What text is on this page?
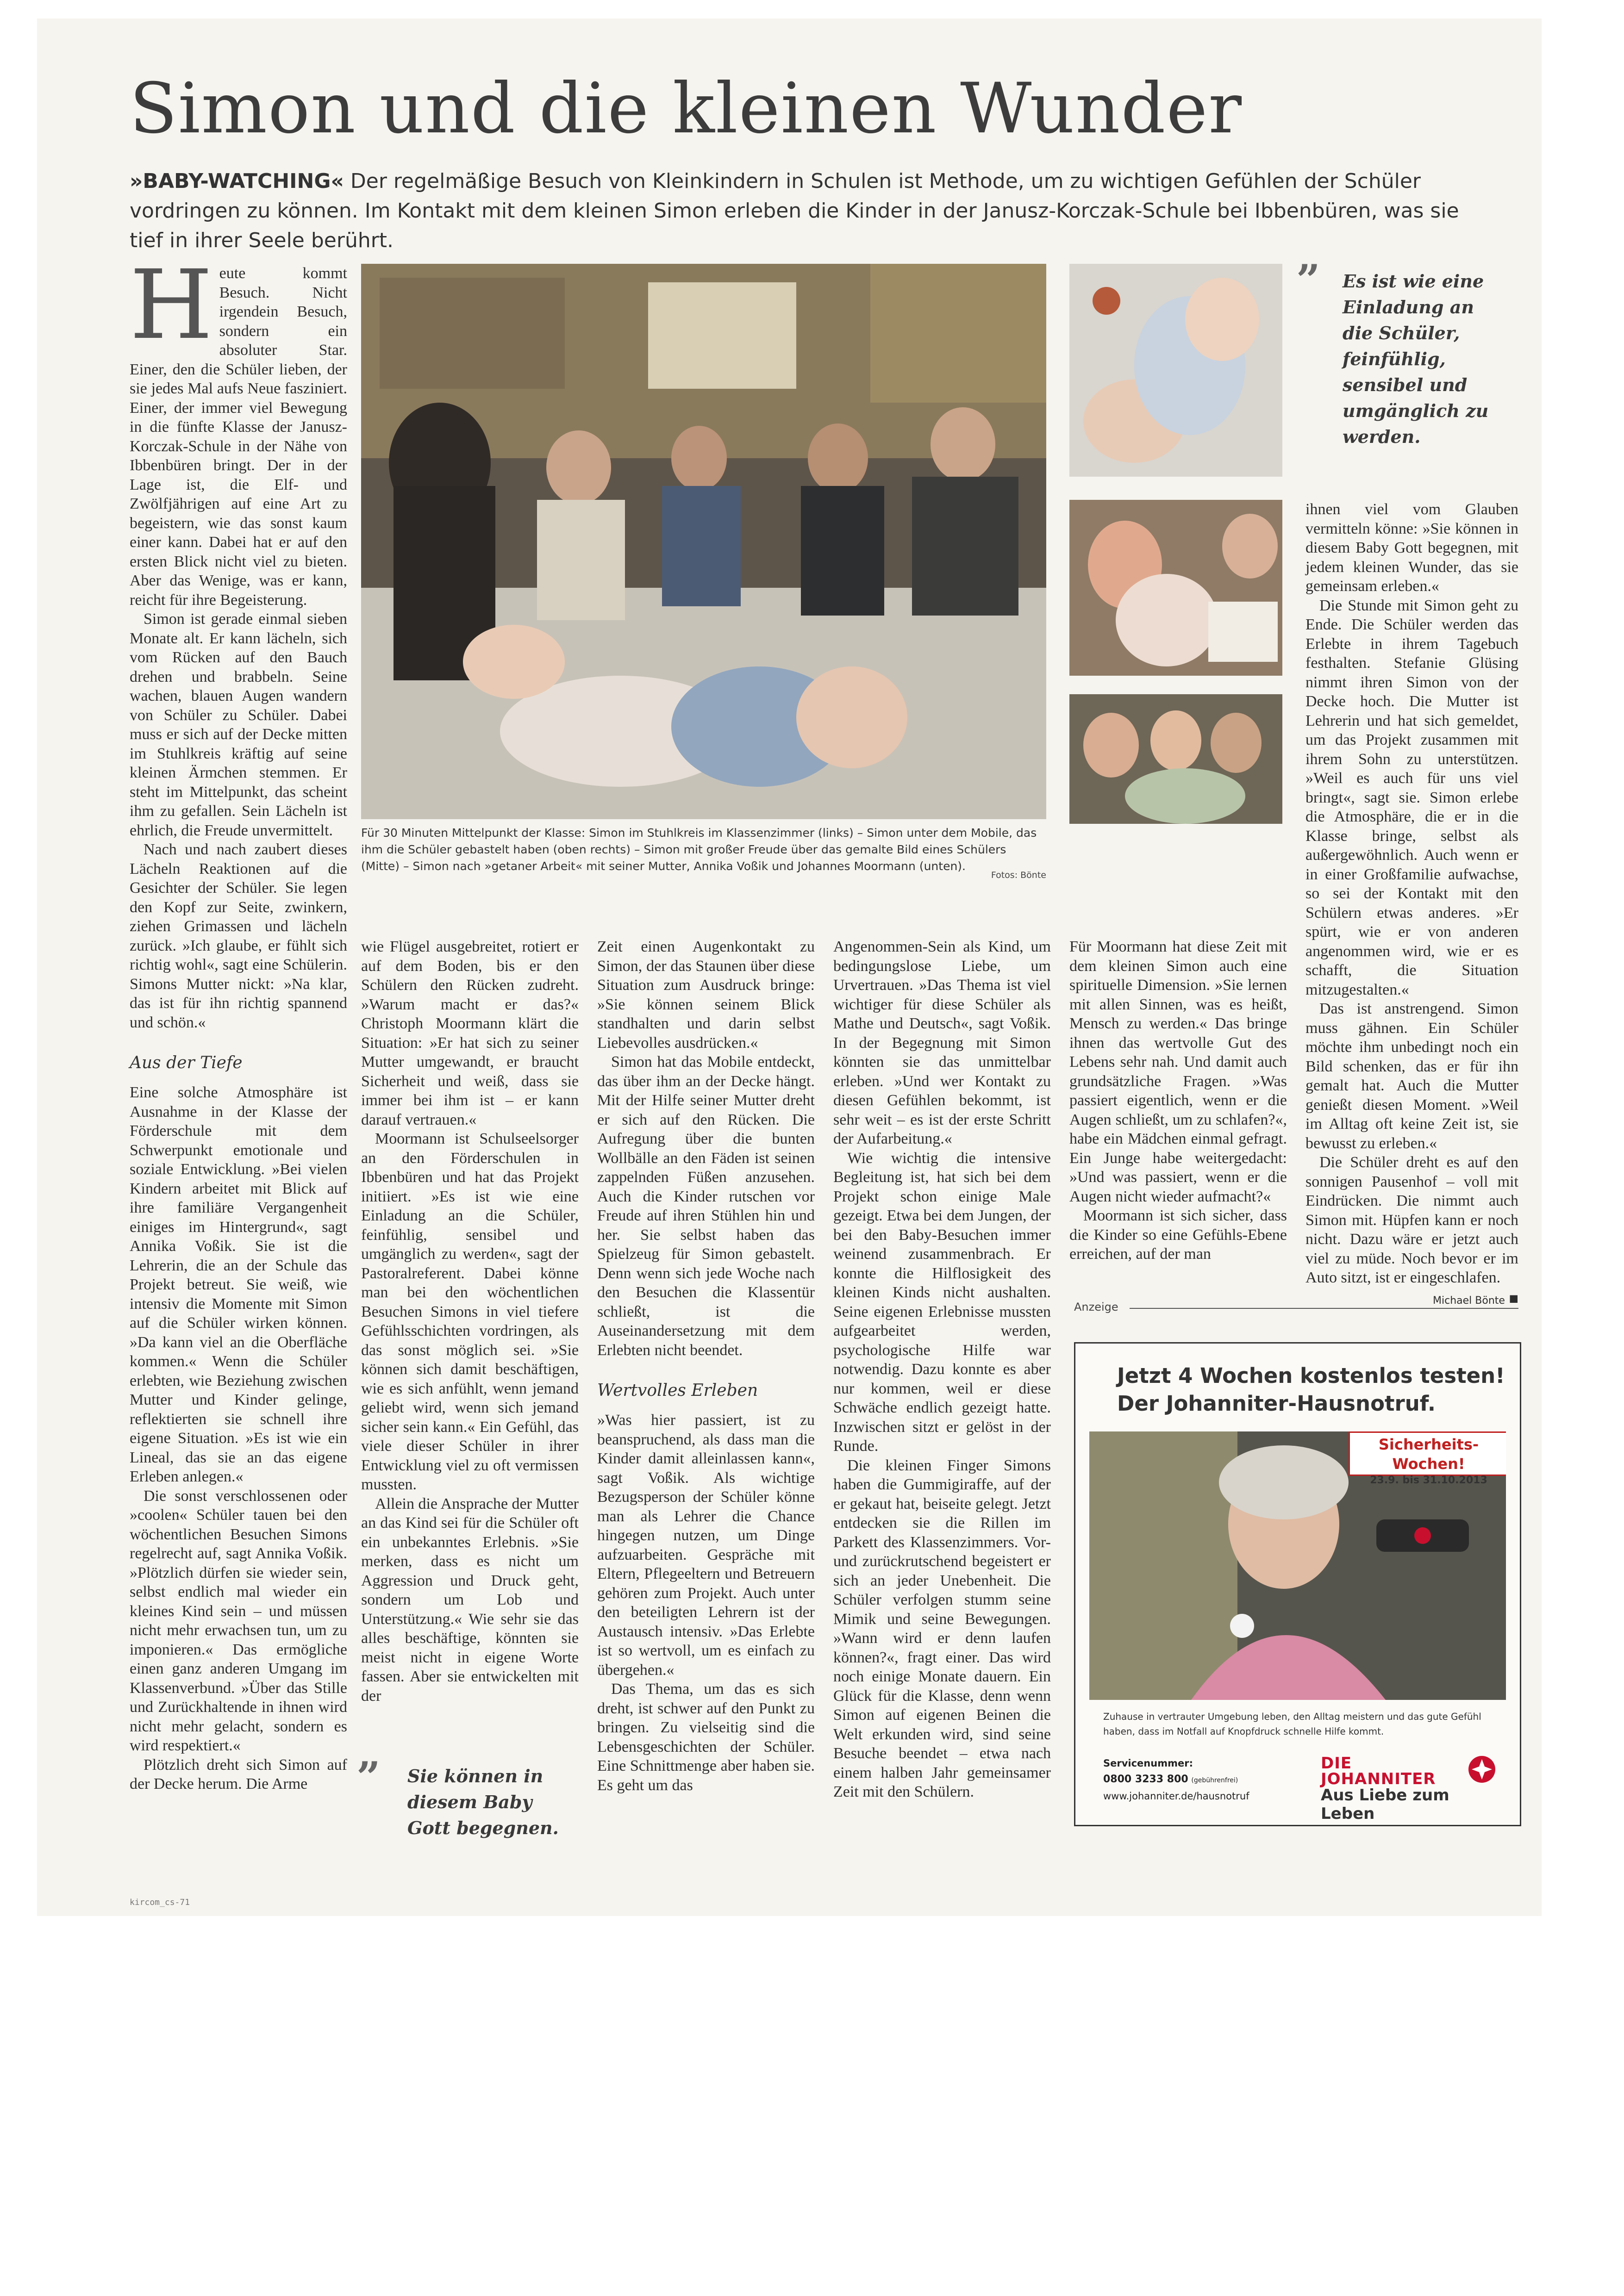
Simon und die kleinen Wunder
»BABY-WATCHING« Der regelmäßige Besuch von Kleinkindern in Schulen ist Methode, um zu wichtigen Gefühlen der Schüler vordringen zu können. Im Kontakt mit dem kleinen Simon erleben die Kinder in der Janusz-Korczak-Schule bei Ibbenbüren, was sie tief in ihrer Seele berührt.

Heute kommt Besuch. Nicht irgendein Besuch, sondern ein absoluter Star. Einer, den die Schüler lieben, der sie jedes Mal aufs Neue fasziniert. Einer, der immer viel Bewegung in die fünfte Klasse der Janusz-Korczak-Schule in der Nähe von Ibbenbüren bringt. Der in der Lage ist, die Elf- und Zwölfjährigen auf eine Art zu begeistern, wie das sonst kaum einer kann. Dabei hat er auf den ersten Blick nicht viel zu bieten. Aber das Wenige, was er kann, reicht für ihre Begeisterung.

Simon ist gerade einmal sieben Monate alt. Er kann lächeln, sich vom Rücken auf den Bauch drehen und brabbeln. Seine wachen, blauen Augen wandern von Schüler zu Schüler. Dabei muss er sich auf der Decke mitten im Stuhlkreis kräftig auf seine kleinen Ärmchen stemmen. Er steht im Mittelpunkt, das scheint ihm zu gefallen. Sein Lächeln ist ehrlich, die Freude unvermittelt.

Nach und nach zaubert dieses Lächeln Reaktionen auf die Gesichter der Schüler. Sie legen den Kopf zur Seite, zwinkern, ziehen Grimassen und lächeln zurück. »Ich glaube, er fühlt sich richtig wohl«, sagt eine Schülerin. Simons Mutter nickt: »Na klar, das ist für ihn richtig spannend und schön.«

Aus der Tiefe

Eine solche Atmosphäre ist Ausnahme in der Klasse der Förderschule mit dem Schwerpunkt emotionale und soziale Entwicklung. »Bei vielen Kindern arbeitet mit Blick auf ihre familiäre Vergangenheit einiges im Hintergrund«, sagt Annika Voßik. Sie ist die Lehrerin, die an der Schule das Projekt betreut. Sie weiß, wie intensiv die Momente mit Simon auf die Schüler wirken können. »Da kann viel an die Oberfläche kommen.« Wenn die Schüler erlebten, wie Beziehung zwischen Mutter und Kinder gelinge, reflektierten sie schnell ihre eigene Situation. »Es ist wie ein Lineal, das sie an das eigene Erleben anlegen.«

Die sonst verschlossenen oder »coolen« Schüler tauen bei den wöchentlichen Besuchen Simons regelrecht auf, sagt Annika Voßik. »Plötzlich dürfen sie wieder sein, selbst endlich mal wieder ein kleines Kind sein – und müssen nicht mehr erwachsen tun, um zu imponieren.« Das ermögliche einen ganz anderen Umgang im Klassenverbund. »Über das Stille und Zurückhaltende in ihnen wird nicht mehr gelacht, sondern es wird respektiert.«

Plötzlich dreht sich Simon auf der Decke herum. Die Arme

Für 30 Minuten Mittelpunkt der Klasse: Simon im Stuhlkreis im Klassenzimmer (links) – Simon unter dem Mobile, das ihm die Schüler gebastelt haben (oben rechts) – Simon mit großer Freude über das gemalte Bild eines Schülers (Mitte) – Simon nach »getaner Arbeit« mit seiner Mutter, Annika Voßik und Johannes Moormann (unten).
Fotos: Bönte
” Es ist wie eine Einladung an die Schüler, feinfühlig, sensibel und umgänglich zu werden.

ihnen viel vom Glauben vermitteln könne: »Sie können in diesem Baby Gott begegnen, mit jedem kleinen Wunder, das sie gemeinsam erleben.«

Die Stunde mit Simon geht zu Ende. Die Schüler werden das Erlebte in ihrem Tagebuch festhalten. Stefanie Glüsing nimmt ihren Simon von der Decke hoch. Die Mutter ist Lehrerin und hat sich gemeldet, um das Projekt zusammen mit ihrem Sohn zu unterstützen. »Weil es auch für uns viel bringt«, sagt sie. Simon erlebe die Atmosphäre, die er in die Klasse bringe, selbst als außergewöhnlich. Auch wenn er in einer Großfamilie aufwachse, so sei der Kontakt mit den Schülern etwas anderes. »Er spürt, wie er von anderen angenommen wird, wie er es schafft, die Situation mitzugestalten.«

Das ist anstrengend. Simon muss gähnen. Ein Schüler möchte ihm unbedingt noch ein Bild schenken, das er für ihn gemalt hat. Auch die Mutter genießt diesen Moment. »Weil im Alltag oft keine Zeit ist, sie bewusst zu erleben.«

Die Schüler dreht es auf den sonnigen Pausenhof – voll mit Eindrücken. Die nimmt auch Simon mit. Hüpfen kann er noch nicht. Dazu wäre er jetzt auch viel zu müde. Noch bevor er im Auto sitzt, ist er eingeschlafen.

Michael Bönte ■

wie Flügel ausgebreitet, rotiert er auf dem Boden, bis er den Schülern den Rücken zudreht. »Warum macht er das?« Christoph Moormann klärt die Situation: »Er hat sich zu seiner Mutter umgewandt, er braucht Sicherheit und weiß, dass sie immer bei ihm ist – er kann darauf vertrauen.«

Moormann ist Schulseelsorger an den Förderschulen in Ibbenbüren und hat das Projekt initiiert. »Es ist wie eine Einladung an die Schüler, feinfühlig, sensibel und umgänglich zu werden«, sagt der Pastoralreferent. Dabei könne man bei den wöchentlichen Besuchen Simons in viel tiefere Gefühlsschichten vordringen, als das sonst möglich sei. »Sie können sich damit beschäftigen, wie es sich anfühlt, wenn jemand geliebt wird, wenn sich jemand sicher sein kann.« Ein Gefühl, das viele dieser Schüler in ihrer Entwicklung viel zu oft vermissen mussten.

Allein die Ansprache der Mutter an das Kind sei für die Schüler oft ein unbekanntes Erlebnis. »Sie merken, dass es nicht um Aggression und Druck geht, sondern um Lob und Unterstützung.« Wie sehr sie das alles beschäftige, könnten sie meist nicht in eigene Worte fassen. Aber sie entwickelten mit der

” Sie können in diesem Baby Gott begegnen.

Zeit einen Augenkontakt zu Simon, der das Staunen über diese Situation zum Ausdruck bringe: »Sie können seinem Blick standhalten und darin selbst Liebevolles ausdrücken.«

Simon hat das Mobile entdeckt, das über ihm an der Decke hängt. Mit der Hilfe seiner Mutter dreht er sich auf den Rücken. Die Aufregung über die bunten Wollbälle an den Fäden ist seinen zappelnden Füßen anzusehen. Auch die Kinder rutschen vor Freude auf ihren Stühlen hin und her. Sie selbst haben das Spielzeug für Simon gebastelt. Denn wenn sich jede Woche nach den Besuchen die Klassentür schließt, ist die Auseinandersetzung mit dem Erlebten nicht beendet.

Wertvolles Erleben

»Was hier passiert, ist zu beanspruchend, als dass man die Kinder damit alleinlassen kann«, sagt Voßik. Als wichtige Bezugsperson der Schüler könne man als Lehrer die Chance hingegen nutzen, um Dinge aufzuarbeiten. Gespräche mit Eltern, Pflegeeltern und Betreuern gehören zum Projekt. Auch unter den beteiligten Lehrern ist der Austausch intensiv. »Das Erlebte ist so wertvoll, um es einfach zu übergehen.«

Das Thema, um das es sich dreht, ist schwer auf den Punkt zu bringen. Zu vielseitig sind die Lebensgeschichten der Schüler. Eine Schnittmenge aber haben sie. Es geht um das

Angenommen-Sein als Kind, um bedingungslose Liebe, um Urvertrauen. »Das Thema ist viel wichtiger für diese Schüler als Mathe und Deutsch«, sagt Voßik. In der Begegnung mit Simon könnten sie das unmittelbar erleben. »Und wer Kontakt zu diesen Gefühlen bekommt, ist sehr weit – es ist der erste Schritt der Aufarbeitung.«

Wie wichtig die intensive Begleitung ist, hat sich bei dem Projekt schon einige Male gezeigt. Etwa bei dem Jungen, der bei den Baby-Besuchen immer weinend zusammenbrach. Er konnte die Hilflosigkeit des kleinen Kinds nicht aushalten. Seine eigenen Erlebnisse mussten aufgearbeitet werden, psychologische Hilfe war notwendig. Dazu konnte es aber nur kommen, weil er diese Schwäche endlich gezeigt hatte. Inzwischen sitzt er gelöst in der Runde.

Die kleinen Finger Simons haben die Gummigiraffe, auf der er gekaut hat, beiseite gelegt. Jetzt entdecken sie die Rillen im Parkett des Klassenzimmers. Vor- und zurückrutschend begeistert er sich an jeder Unebenheit. Die Schüler verfolgen stumm seine Mimik und seine Bewegungen. »Wann wird er denn laufen können?«, fragt einer. Das wird noch einige Monate dauern. Ein Glück für die Klasse, denn wenn Simon auf eigenen Beinen die Welt erkunden wird, sind seine Besuche beendet – etwa nach einem halben Jahr gemeinsamer Zeit mit den Schülern.

Für Moormann hat diese Zeit mit dem kleinen Simon auch eine spirituelle Dimension. »Sie lernen mit allen Sinnen, was es heißt, Mensch zu werden.« Das bringe ihnen das wertvolle Gut des Lebens sehr nah. Und damit auch grundsätzliche Fragen. »Was passiert eigentlich, wenn er die Augen schließt, um zu schlafen?«, habe ein Mädchen einmal gefragt. Ein Junge habe weitergedacht: »Und was passiert, wenn er die Augen nicht wieder aufmacht?«

Moormann ist sich sicher, dass die Kinder so eine Gefühls-Ebene erreichen, auf der man

Anzeige
Jetzt 4 Wochen kostenlos testen!
Der Johanniter-Hausnotruf.
Sicherheits-Wochen!
23.9. bis 31.10.2013
Zuhause in vertrauter Umgebung leben, den Alltag meistern und das gute Gefühl haben, dass im Notfall auf Knopfdruck schnelle Hilfe kommt.
Servicenummer:
0800 3233 800 (gebührenfrei)
www.johanniter.de/hausnotruf
DIE
JOHANNITER
Aus Liebe zum Leben
kircom_cs-71
